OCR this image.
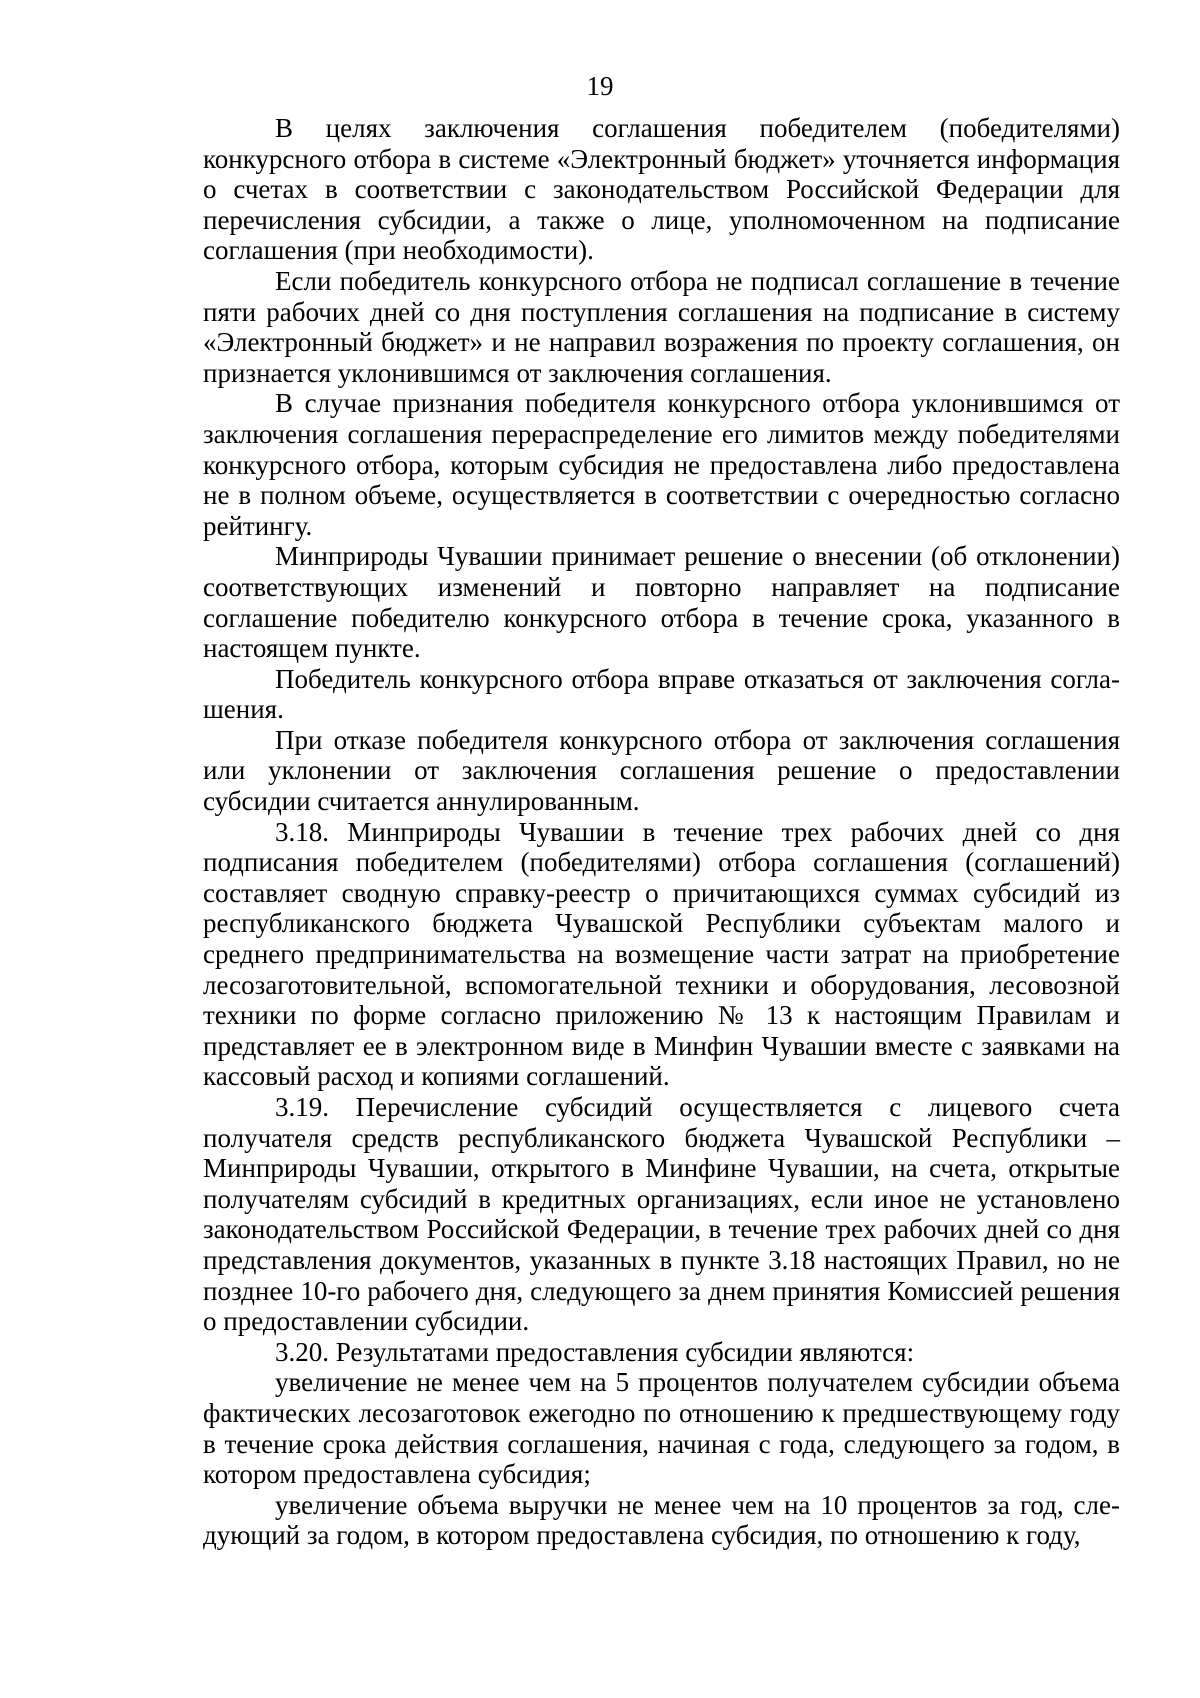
19

В целях заключения соглашения победителем (победителями) конкурсного отбора в системе «Электронный бюджет» уточняется информация о счетах в соответствии с законодательством Российской Федерации для перечисления субсидии, а также о лице, уполномоченном на подписание соглашения (при необходимости).

Если победитель конкурсного отбора не подписал соглашение в течение пяти рабочих дней со дня поступления соглашения на подписание в систему «Электронный бюджет» и не направил возражения по проекту соглашения, он признается уклонившимся от заключения соглашения.

В случае признания победителя конкурсного отбора уклонившимся от заключения соглашения перераспределение его лимитов между победителями конкурсного отбора, которым субсидия не предоставлена либо предоставлена не в полном объеме, осуществляется в соответствии с очередностью согласно рейтингу.

Минприроды Чувашии принимает решение о внесении (об отклонении) соответствующих изменений и повторно направляет на подписание соглашение победителю конкурсного отбора в течение срока, указанного в настоящем пункте.

Победитель конкурсного отбора вправе отказаться от заключения соглашения.

При отказе победителя конкурсного отбора от заключения соглашения или уклонении от заключения соглашения решение о предоставлении субсидии считается аннулированным.

3.18. Минприроды Чувашии в течение трех рабочих дней со дня подписания победителем (победителями) отбора соглашения (соглашений) составляет сводную справку-реестр о причитающихся суммах субсидий из республиканского бюджета Чувашской Республики субъектам малого и среднего предпринимательства на возмещение части затрат на приобретение лесозаготовительной, вспомогательной техники и оборудования, лесовозной техники по форме согласно приложению № 13 к настоящим Правилам и представляет ее в электронном виде в Минфин Чувашии вместе с заявками на кассовый расход и копиями соглашений.

3.19. Перечисление субсидий осуществляется с лицевого счета получателя средств республиканского бюджета Чувашской Республики – Минприроды Чувашии, открытого в Минфине Чувашии, на счета, открытые получателям субсидий в кредитных организациях, если иное не установлено законодательством Российской Федерации, в течение трех рабочих дней со дня представления документов, указанных в пункте 3.18 настоящих Правил, но не позднее 10-го рабочего дня, следующего за днем принятия Комиссией решения о предоставлении субсидии.

3.20. Результатами предоставления субсидии являются:

увеличение не менее чем на 5 процентов получателем субсидии объема фактических лесозаготовок ежегодно по отношению к предшествующему году в течение срока действия соглашения, начиная с года, следующего за годом, в котором предоставлена субсидия;

увеличение объема выручки не менее чем на 10 процентов за год, следующий за годом, в котором предоставлена субсидия, по отношению к году,
